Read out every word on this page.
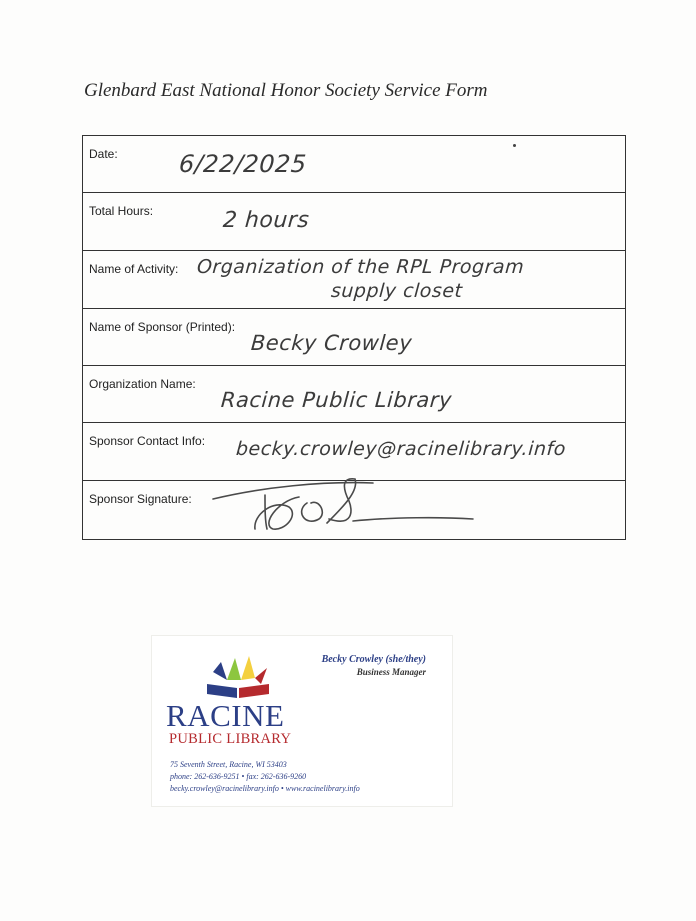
Glenbard East National Honor Society Service Form
Date:	6/22/2025
Total Hours:	2 hours
Name of Activity: Organization of the RPL Program
supply closet
Name of Sponsor (Printed):
Becky Crowley
Organization Name:
Racine Public Library
Sponsor Contact Info: becky.crowley@racinelibrary.info
Sponsor Signature:
Becky Crowley (she/they)
Business Manager
RACINE
PUBLIC LIBRARY
75 Seventh Street, Racine, WI 53403
phone: 262-636-9251 • fax: 262-636-9260
becky.crowley@racinelibrary.info • www.racinelibrary.info
